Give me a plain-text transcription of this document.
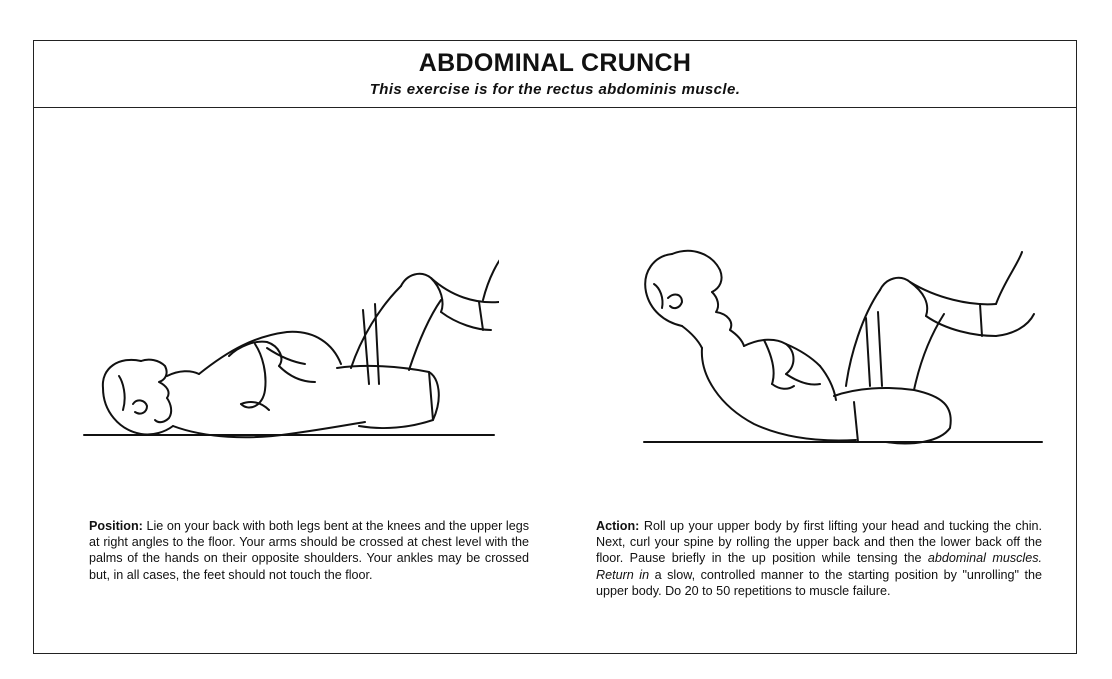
ABDOMINAL CRUNCH
This exercise is for the rectus abdominis muscle.
Position: Lie on your back with both legs bent at the knees and the upper legs at right angles to the floor. Your arms should be crossed at chest level with the palms of the hands on their opposite shoulders. Your ankles may be crossed but, in all cases, the feet should not touch the floor.
Action: Roll up your upper body by first lifting your head and tucking the chin. Next, curl your spine by rolling the upper back and then the lower back off the floor. Pause briefly in the up position while tensing the abdominal muscles. Return in a slow, controlled manner to the starting position by "unrolling" the upper body. Do 20 to 50 repetitions to muscle failure.
